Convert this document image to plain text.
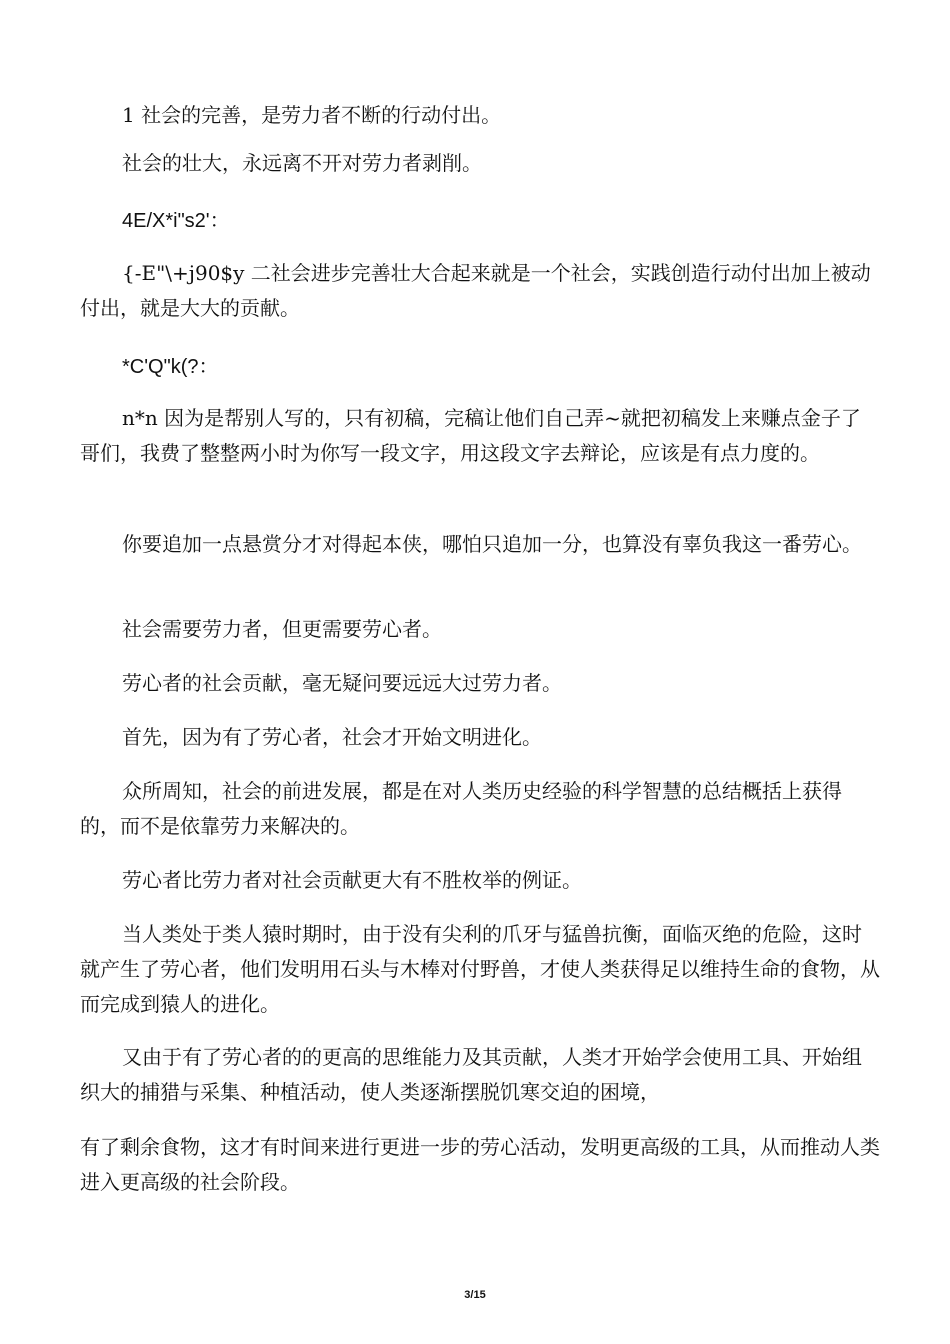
1 社会的完善，是劳力者不断的行动付出。

社会的壮大，永远离不开对劳力者剥削。

4E/X*i"s2'：

{-E"\+j90$y 二社会进步完善壮大合起来就是一个社会，实践创造行动付出加上被动付出，就是大大的贡献。

*C'Q"k(?：

n*n 因为是帮别人写的，只有初稿，完稿让他们自己弄~就把初稿发上来赚点金子了哥们，我费了整整两小时为你写一段文字，用这段文字去辩论，应该是有点力度的。

你要追加一点悬赏分才对得起本侠，哪怕只追加一分，也算没有辜负我这一番劳心。

社会需要劳力者，但更需要劳心者。

劳心者的社会贡献，毫无疑问要远远大过劳力者。

首先，因为有了劳心者，社会才开始文明进化。

众所周知，社会的前进发展，都是在对人类历史经验的科学智慧的总结概括上获得的，而不是依靠劳力来解决的。

劳心者比劳力者对社会贡献更大有不胜枚举的例证。

当人类处于类人猿时期时，由于没有尖利的爪牙与猛兽抗衡，面临灭绝的危险，这时就产生了劳心者，他们发明用石头与木棒对付野兽，才使人类获得足以维持生命的食物，从而完成到猿人的进化。

又由于有了劳心者的的更高的思维能力及其贡献，人类才开始学会使用工具、开始组织大的捕猎与采集、种植活动，使人类逐渐摆脱饥寒交迫的困境，

有了剩余食物，这才有时间来进行更进一步的劳心活动，发明更高级的工具，从而推动人类进入更高级的社会阶段。

3/15
